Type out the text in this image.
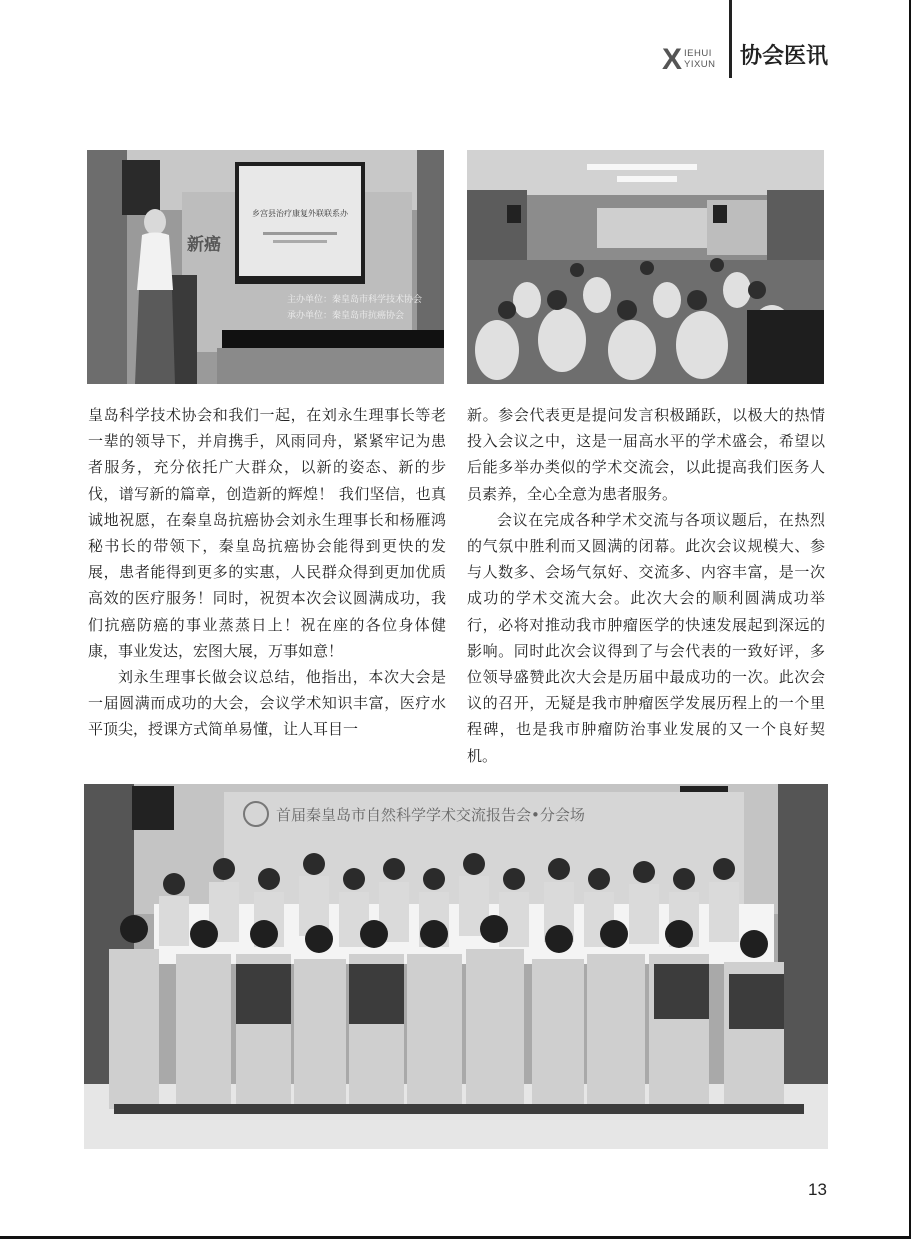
X IEHUI
YIXUN 协会医讯
乡宫县治疗康复外联联系办
新癌
主办单位：秦皇岛市科学技术协会
承办单位：秦皇岛市抗癌协会

皇岛科学技术协会和我们一起，在刘永生理事长等老一辈的领导下，并肩携手，风雨同舟，紧紧牢记为患者服务，充分依托广大群众，以新的姿态、新的步伐，谱写新的篇章，创造新的辉煌！ 我们坚信，也真诚地祝愿，在秦皇岛抗癌协会刘永生理事长和杨雁鸿秘书长的带领下，秦皇岛抗癌协会能得到更快的发展，患者能得到更多的实惠，人民群众得到更加优质高效的医疗服务！同时，祝贺本次会议圆满成功，我们抗癌防癌的事业蒸蒸日上！祝在座的各位身体健康，事业发达，宏图大展，万事如意！

刘永生理事长做会议总结，他指出，本次大会是一届圆满而成功的大会，会议学术知识丰富，医疗水平顶尖，授课方式简单易懂，让人耳目一

新。参会代表更是提问发言积极踊跃，以极大的热情投入会议之中，这是一届高水平的学术盛会，希望以后能多举办类似的学术交流会，以此提高我们医务人员素养，全心全意为患者服务。

会议在完成各种学术交流与各项议题后，在热烈的气氛中胜利而又圆满的闭幕。此次会议规模大、参与人数多、会场气氛好、交流多、内容丰富，是一次成功的学术交流大会。此次大会的顺利圆满成功举行，必将对推动我市肿瘤医学的快速发展起到深远的影响。同时此次会议得到了与会代表的一致好评，多位领导盛赞此次大会是历届中最成功的一次。此次会议的召开，无疑是我市肿瘤医学发展历程上的一个里程碑，也是我市肿瘤防治事业发展的又一个良好契机。

首届秦皇岛市自然科学学术交流报告会•分会场
13
